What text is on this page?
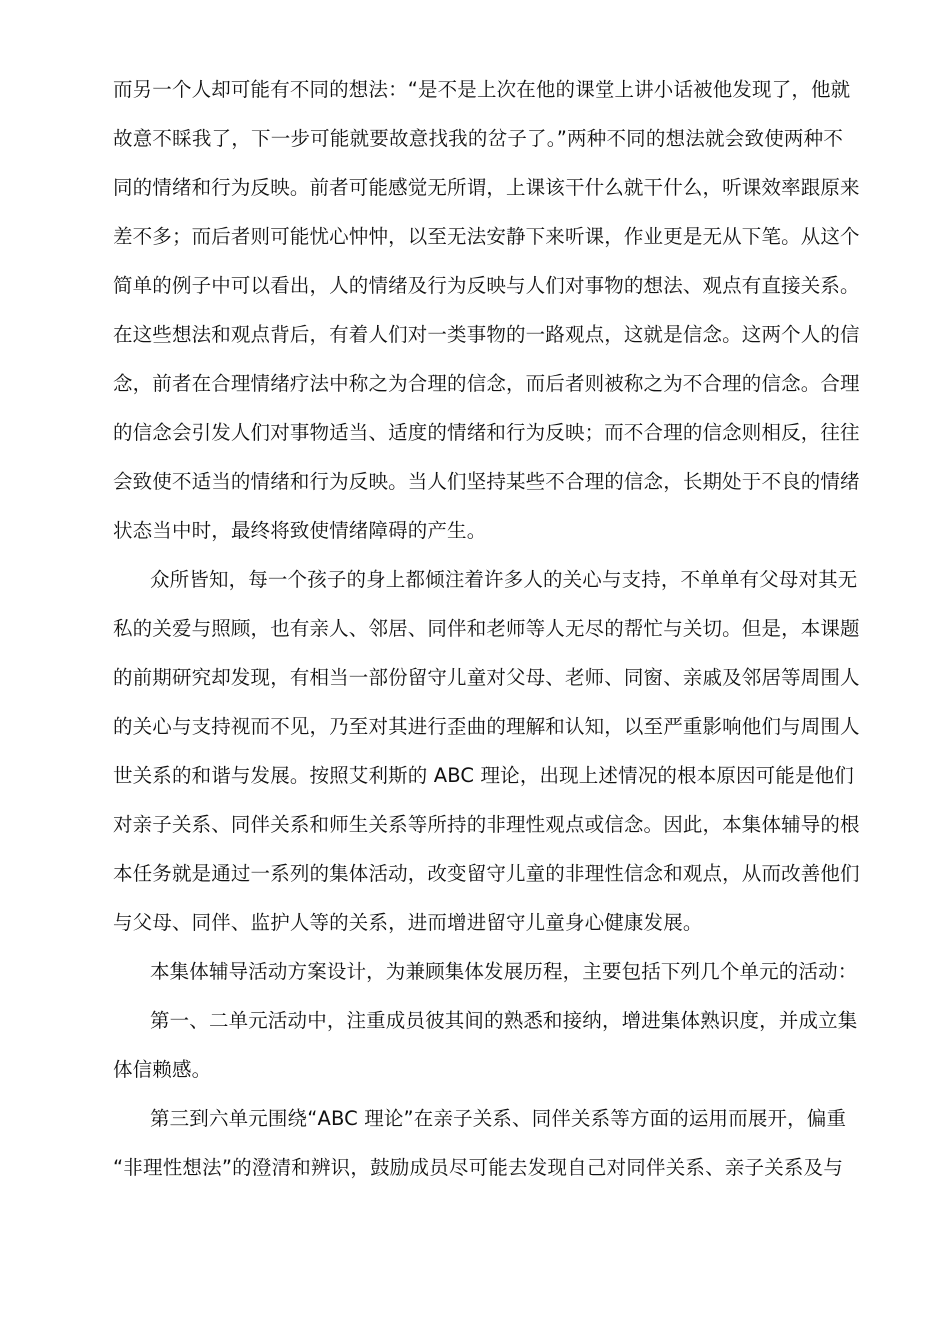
而另一个人却可能有不同的想法：“是不是上次在他的课堂上讲小话被他发现了，他就
故意不睬我了，下一步可能就要故意找我的岔子了。”两种不同的想法就会致使两种不
同的情绪和行为反映。前者可能感觉无所谓，上课该干什么就干什么，听课效率跟原来
差不多；而后者则可能忧心忡忡，以至无法安静下来听课，作业更是无从下笔。从这个
简单的例子中可以看出，人的情绪及行为反映与人们对事物的想法、观点有直接关系。
在这些想法和观点背后，有着人们对一类事物的一路观点，这就是信念。这两个人的信
念，前者在合理情绪疗法中称之为合理的信念，而后者则被称之为不合理的信念。合理
的信念会引发人们对事物适当、适度的情绪和行为反映；而不合理的信念则相反，往往
会致使不适当的情绪和行为反映。当人们坚持某些不合理的信念，长期处于不良的情绪
状态当中时，最终将致使情绪障碍的产生。
众所皆知，每一个孩子的身上都倾注着许多人的关心与支持，不单单有父母对其无
私的关爱与照顾，也有亲人、邻居、同伴和老师等人无尽的帮忙与关切。但是，本课题
的前期研究却发现，有相当一部份留守儿童对父母、老师、同窗、亲戚及邻居等周围人
的关心与支持视而不见，乃至对其进行歪曲的理解和认知，以至严重影响他们与周围人
世关系的和谐与发展。按照艾利斯的 ABC 理论，出现上述情况的根本原因可能是他们
对亲子关系、同伴关系和师生关系等所持的非理性观点或信念。因此，本集体辅导的根
本任务就是通过一系列的集体活动，改变留守儿童的非理性信念和观点，从而改善他们
与父母、同伴、监护人等的关系，进而增进留守儿童身心健康发展。
本集体辅导活动方案设计，为兼顾集体发展历程，主要包括下列几个单元的活动：
第一、二单元活动中，注重成员彼其间的熟悉和接纳，增进集体熟识度，并成立集
体信赖感。
第三到六单元围绕“ABC 理论”在亲子关系、同伴关系等方面的运用而展开，偏重
“非理性想法”的澄清和辨识，鼓励成员尽可能去发现自己对同伴关系、亲子关系及与
